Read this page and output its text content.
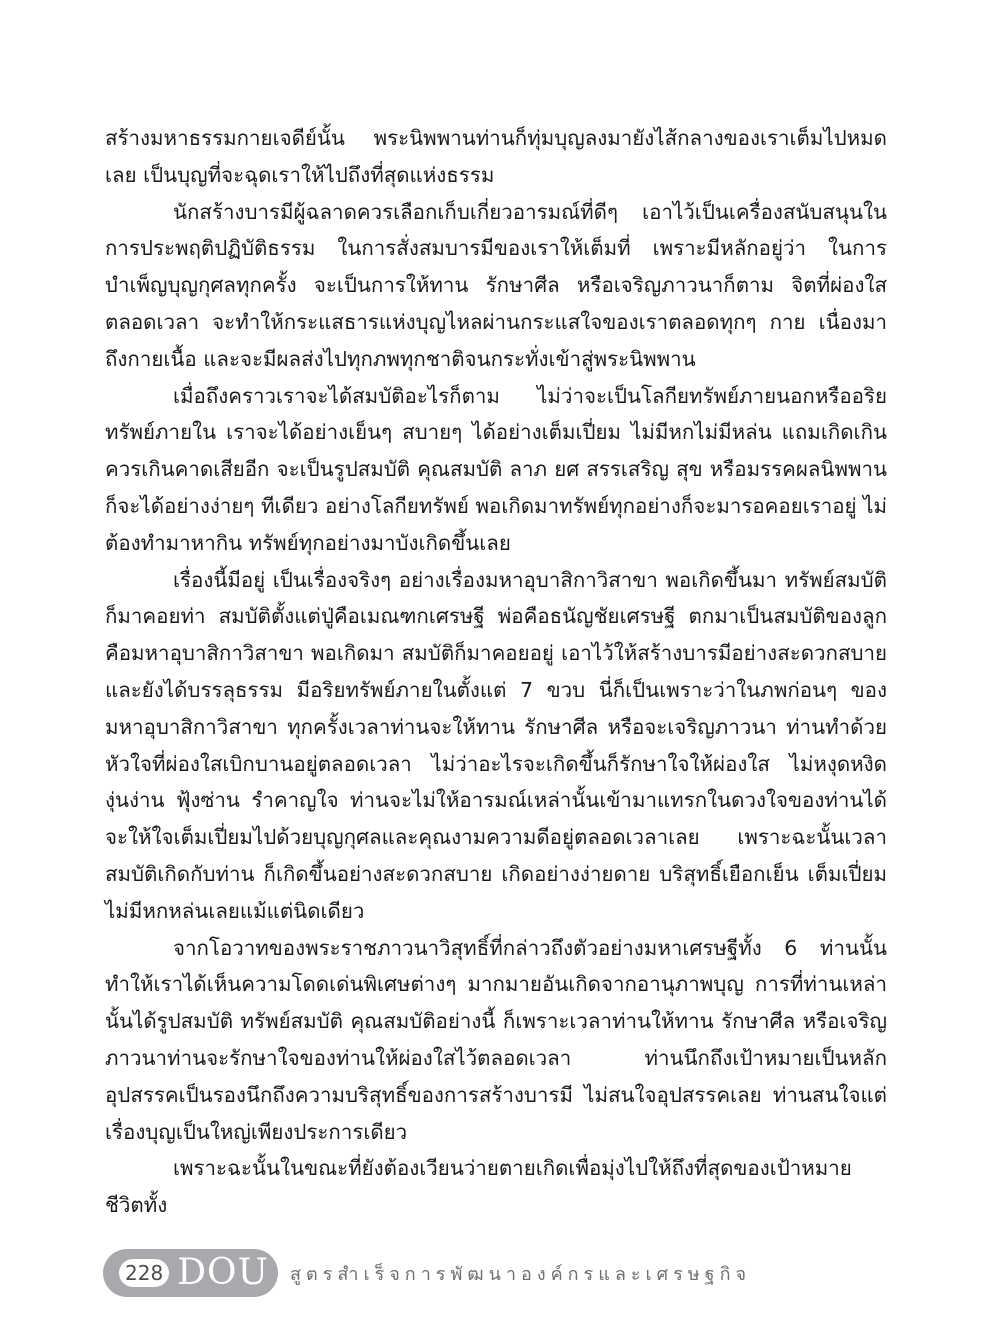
สร้างมหาธรรมกายเจดีย์นั้น พระนิพพานท่านก็ทุ่มบุญลงมายังไส้กลางของเราเต็มไปหมดเลย เป็นบุญที่จะฉุดเราให้ไปถึงที่สุดแห่งธรรม

นักสร้างบารมีผู้ฉลาดควรเลือกเก็บเกี่ยวอารมณ์ที่ดีๆ เอาไว้เป็นเครื่องสนับสนุนในการประพฤติปฏิบัติธรรม ในการสั่งสมบารมีของเราให้เต็มที่ เพราะมีหลักอยู่ว่า ในการบำเพ็ญบุญกุศลทุกครั้ง จะเป็นการให้ทาน รักษาศีล หรือเจริญภาวนาก็ตาม จิตที่ผ่องใสตลอดเวลา จะทำให้กระแสธารแห่งบุญไหลผ่านกระแสใจของเราตลอดทุกๆ กาย เนื่องมาถึงกายเนื้อ และจะมีผลส่งไปทุกภพทุกชาติจนกระทั่งเข้าสู่พระนิพพาน

เมื่อถึงคราวเราจะได้สมบัติอะไรก็ตาม ไม่ว่าจะเป็นโลกียทรัพย์ภายนอกหรืออริยทรัพย์ภายใน เราจะได้อย่างเย็นๆ สบายๆ ได้อย่างเต็มเปี่ยม ไม่มีหกไม่มีหล่น แถมเกิดเกินควรเกินคาดเสียอีก จะเป็นรูปสมบัติ คุณสมบัติ ลาภ ยศ สรรเสริญ สุข หรือมรรคผลนิพพานก็จะได้อย่างง่ายๆ ทีเดียว อย่างโลกียทรัพย์ พอเกิดมาทรัพย์ทุกอย่างก็จะมารอคอยเราอยู่ ไม่ต้องทำมาหากิน ทรัพย์ทุกอย่างมาบังเกิดขึ้นเลย

เรื่องนี้มีอยู่ เป็นเรื่องจริงๆ อย่างเรื่องมหาอุบาสิกาวิสาขา พอเกิดขึ้นมา ทรัพย์สมบัติก็มาคอยท่า สมบัติตั้งแต่ปู่คือเมณฑกเศรษฐี พ่อคือธนัญชัยเศรษฐี ตกมาเป็นสมบัติของลูกคือมหาอุบาสิกาวิสาขา พอเกิดมา สมบัติก็มาคอยอยู่ เอาไว้ให้สร้างบารมีอย่างสะดวกสบาย และยังได้บรรลุธรรม มีอริยทรัพย์ภายในตั้งแต่ 7 ขวบ นี่ก็เป็นเพราะว่าในภพก่อนๆ ของมหาอุบาสิกาวิสาขา ทุกครั้งเวลาท่านจะให้ทาน รักษาศีล หรือจะเจริญภาวนา ท่านทำด้วยหัวใจที่ผ่องใสเบิกบานอยู่ตลอดเวลา ไม่ว่าอะไรจะเกิดขึ้นก็รักษาใจให้ผ่องใส ไม่หงุดหงิดงุ่นง่าน ฟุ้งซ่าน รำคาญใจ ท่านจะไม่ให้อารมณ์เหล่านั้นเข้ามาแทรกในดวงใจของท่านได้ จะให้ใจเต็มเปี่ยมไปด้วยบุญกุศลและคุณงามความดีอยู่ตลอดเวลาเลย เพราะฉะนั้นเวลาสมบัติเกิดกับท่าน ก็เกิดขึ้นอย่างสะดวกสบาย เกิดอย่างง่ายดาย บริสุทธิ์เยือกเย็น เต็มเปี่ยม ไม่มีหกหล่นเลยแม้แต่นิดเดียว

จากโอวาทของพระราชภาวนาวิสุทธิ์ที่กล่าวถึงตัวอย่างมหาเศรษฐีทั้ง 6 ท่านนั้น ทำให้เราได้เห็นความโดดเด่นพิเศษต่างๆ มากมายอันเกิดจากอานุภาพบุญ การที่ท่านเหล่านั้นได้รูปสมบัติ ทรัพย์สมบัติ คุณสมบัติอย่างนี้ ก็เพราะเวลาท่านให้ทาน รักษาศีล หรือเจริญภาวนาท่านจะรักษาใจของท่านให้ผ่องใสไว้ตลอดเวลา ท่านนึกถึงเป้าหมายเป็นหลัก อุปสรรคเป็นรองนึกถึงความบริสุทธิ์ของการสร้างบารมี ไม่สนใจอุปสรรคเลย ท่านสนใจแต่เรื่องบุญเป็นใหญ่เพียงประการเดียว

เพราะฉะนั้นในขณะที่ยังต้องเวียนว่ายตายเกิดเพื่อมุ่งไปให้ถึงที่สุดของเป้าหมายชีวิตทั้ง

228 DOU สูตรสำเร็จการพัฒนาองค์กรและเศรษฐกิจ
